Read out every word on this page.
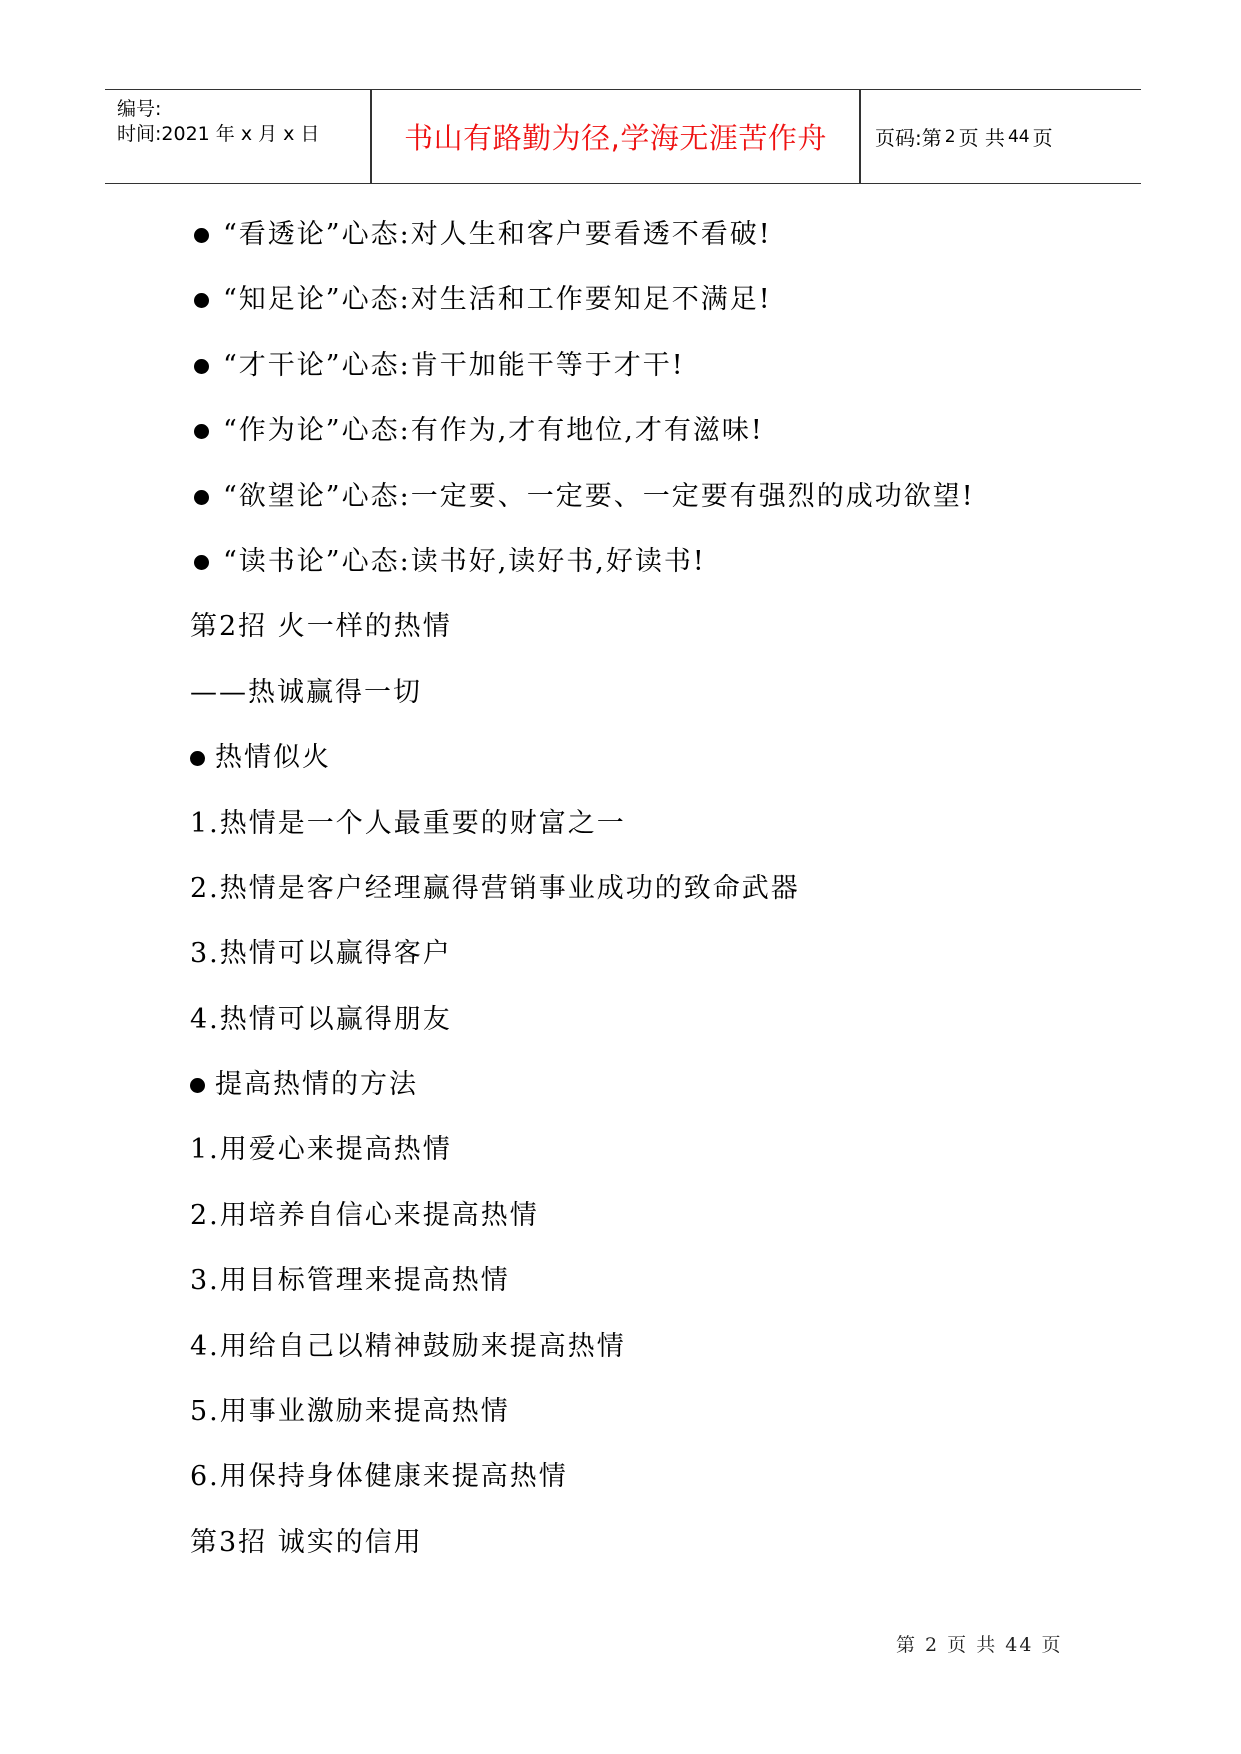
编号:
时间:2021 年 x 月 x 日	书山有路勤为径,学海无涯苦作舟	页码:第 2 页 共 44 页
“看透论”心态:对人生和客户要看透不看破!
“知足论”心态:对生活和工作要知足不满足!
“才干论”心态:肯干加能干等于才干!
“作为论”心态:有作为,才有地位,才有滋味!
“欲望论”心态:一定要、一定要、一定要有强烈的成功欲望!
“读书论”心态:读书好,读好书,好读书!
第2招 火一样的热情
——热诚赢得一切
热情似火
1.热情是一个人最重要的财富之一
2.热情是客户经理赢得营销事业成功的致命武器
3.热情可以赢得客户
4.热情可以赢得朋友
提高热情的方法
1.用爱心来提高热情
2.用培养自信心来提高热情
3.用目标管理来提高热情
4.用给自己以精神鼓励来提高热情
5.用事业激励来提高热情
6.用保持身体健康来提高热情
第3招 诚实的信用
第 2 页 共 44 页
